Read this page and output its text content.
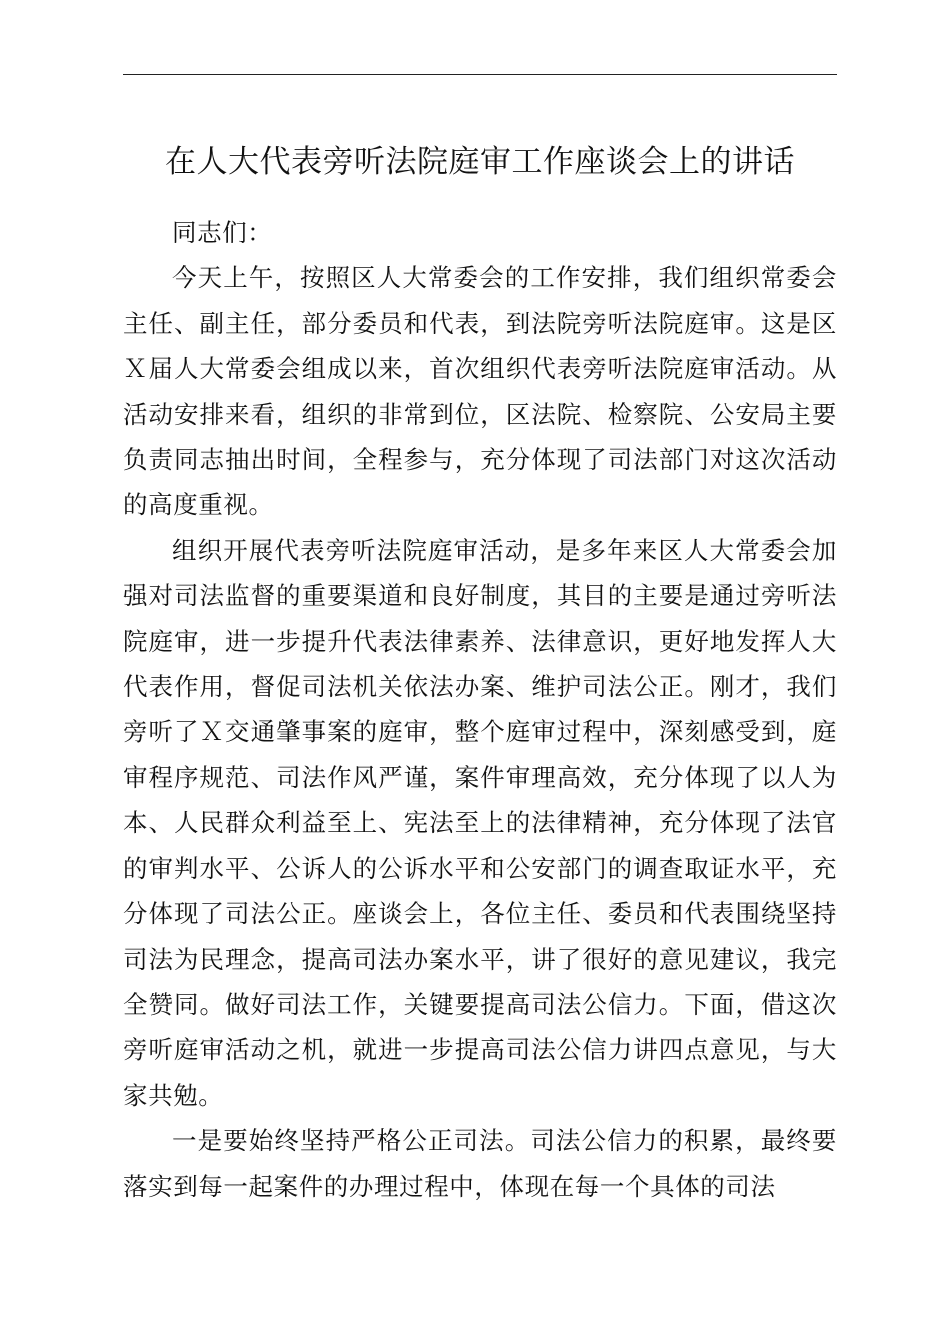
在人大代表旁听法院庭审工作座谈会上的讲话

同志们：

今天上午，按照区人大常委会的工作安排，我们组织常委会主任、副主任，部分委员和代表，到法院旁听法院庭审。这是区Ｘ届人大常委会组成以来，首次组织代表旁听法院庭审活动。从活动安排来看，组织的非常到位，区法院、检察院、公安局主要负责同志抽出时间，全程参与，充分体现了司法部门对这次活动的高度重视。

组织开展代表旁听法院庭审活动，是多年来区人大常委会加强对司法监督的重要渠道和良好制度，其目的主要是通过旁听法院庭审，进一步提升代表法律素养、法律意识，更好地发挥人大代表作用，督促司法机关依法办案、维护司法公正。刚才，我们旁听了Ｘ交通肇事案的庭审，整个庭审过程中，深刻感受到，庭审程序规范、司法作风严谨，案件审理高效，充分体现了以人为本、人民群众利益至上、宪法至上的法律精神，充分体现了法官的审判水平、公诉人的公诉水平和公安部门的调查取证水平，充分体现了司法公正。座谈会上，各位主任、委员和代表围绕坚持司法为民理念，提高司法办案水平，讲了很好的意见建议，我完全赞同。做好司法工作，关键要提高司法公信力。下面，借这次旁听庭审活动之机，就进一步提高司法公信力讲四点意见，与大家共勉。

一是要始终坚持严格公正司法。司法公信力的积累，最终要落实到每一起案件的办理过程中，体现在每一个具体的司法
